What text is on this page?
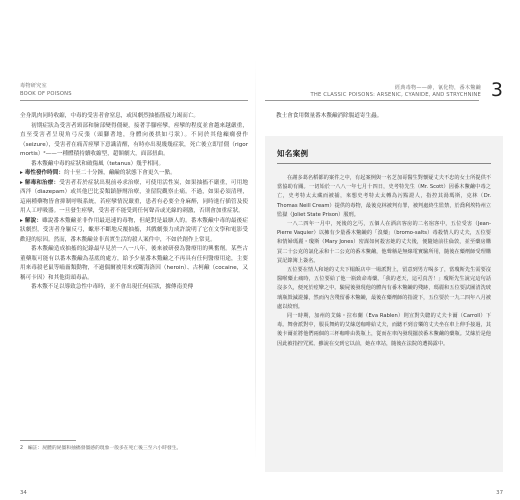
毒物研究室
BOOK OF POISONS

全身肌肉同時收縮，中毒的受害者會窒息，或因劇烈抽搐筋疲力竭而亡。

初期症狀為受害者頸部和臉部變得僵硬，接著手腳痙攣，痙攣的程度並會越來越嚴重，直至受害者呈現角弓反張（頭腳著地，身體向後拱如弓狀）。不同於其他癲癇發作（seizure），受害者在痛苦痙攣下意識清醒，有時亦出現幾幾症狀，死亡後立即冒僵（rigor mortis）²——一種體積持續收縮型，超額劇大，面部扭曲。

番木鱉鹼中毒的症狀和破傷風（tetanus）幾乎相同。

▸ 毒性發作時間：約十至二十分鐘，鹼鹼的狀態下會更久一點。

▸ 解毒和治療：受害者若於症狀出現前尋求治療，可使用活性炭，如果抽搐不嚴重，可用地西泮（diazepam）或其他巴比妥類鎮靜劑治療，並留院觀察止痛。不過，如果必須清理，這兩種藥物皆會抑制呼吸系統，若痙攣情況嚴重，患者有必要全身麻醉，同時進行插管及使用人工呼吸器。一旦發生痙攣，受害者不能受到任何聲音或光線的刺激，否則會加重症狀。

▸ 解說：雖說番木鱉鹼並非作用最迅速的毒物，但絕對是最駭人的。番木鱉鹼中毒的最後症狀劇烈，受害者身軀反弓，蠍形不斷地反覆抽搐，其戲劇張力成許說明了它在文學和電影受歡迎的原因。然而，番木鱉鹼並非真實生活的殺人案件中，不如於創作上常見。

番木鱉鹼造成抽搐的紀錄最早見於一八一八年，後來被研發為醫療用的興奮劑。某些古董藥瓶可能有以番木鱉鹼為基底的處方，給予少量番木鱉鹼之不再具有任何醫療用途，主要用來毒殺老鼠等嚙齒類動物，不過偶爾被用來戒斷海洛因（heroin）、古柯鹼（cocaine，又稱可卡因）和其他街頭毒品。

番木鱉不足以導致急性中毒時，並不會出現任何症狀，據傳南美傳

2　編註：屍體的屍僵和抽搐發僵感的現象一般多在死亡後三至六小時發生。
34
經典毒物——砷，氰化物，番木鱉鹼
THE CLASSIC POISONS: ARSENIC, CYANIDE, AND STRYCHNINE 3

教士會食用微量番木鱉鹼消除腸道寄生蟲。

知名案例

在謝多葛名稻都的案件之中，有起案例與一名芝加哥醫生對懷疑丈夫不忠的女士所提供不當協助有關。一切始於一八八一年七月十四日，史考特先生（Mr. Scott）因番木鱉鹼中毒之亡，史考特太太藏而被捕，來想史考特太太轉為污點證人，指控其湯瑪斯，克林（Dr. Thomas Neill Cream）提供的毒物，最後克林被判有罪，被判處終生監禁，於喬利埃特州立監獄（Joliet State Prison）服刑。

一八二四年一月中，死後的乞丐，五個人在酒店客房的二名宿客中，五位受害（Jean-Pierre Vaquier）以擁有少量番木鱉鹼的「溴藥」（bromo-salts）毒殺情人的丈夫，五位要和情婦瑪麗・瓊斯（Mary Jones）密謀如何殺害她的丈夫後，便隨她前往倫敦，並至藥房購買二十公克的氯化汞和十二公克的番木鱉鹼，他聲稱是無線電實驗所用，隨後在藥劑師受理購買記錄簿上簽名。

五位要在情人和她的丈夫下榻飯店中一場派對上，留意到男方喝多了，當瓊斯先生需要沒醫喉藥止痛時，五位要給了他一瓶致命毒藥。「我的老天，這可真苦！」瓊斯先生說完這句話沒多久，便死於痙攣之中。驗屍後發現他的體內有番木鱉鹼的殘跡，瑪麗和五位要試圖清洗玻璃瓶毀滅證據，然而內含殘留番木鱉鹼，最後在藥劑師的指證下，五位要於一九二四年八月被處以絞刑。

同一時期，加州的艾絲・拉布蘭（Eva Rablen）則宣對失聰的丈夫卡爾（Carroll）下毒。舞會派對中，服長舞約的艾絲送咖啡給丈夫，而聽不到音樂的丈夫坐在車上伸手接過，其後卡爾並將他們兩個的三杯咖啡由裝瓶上，從而在車內發現擺放番木鱉鹼的藥瓶。艾絲於是他因此被指控咒罵。雖說在交到它以前，她在車站，隨後在法院的遭揭露中。

37
